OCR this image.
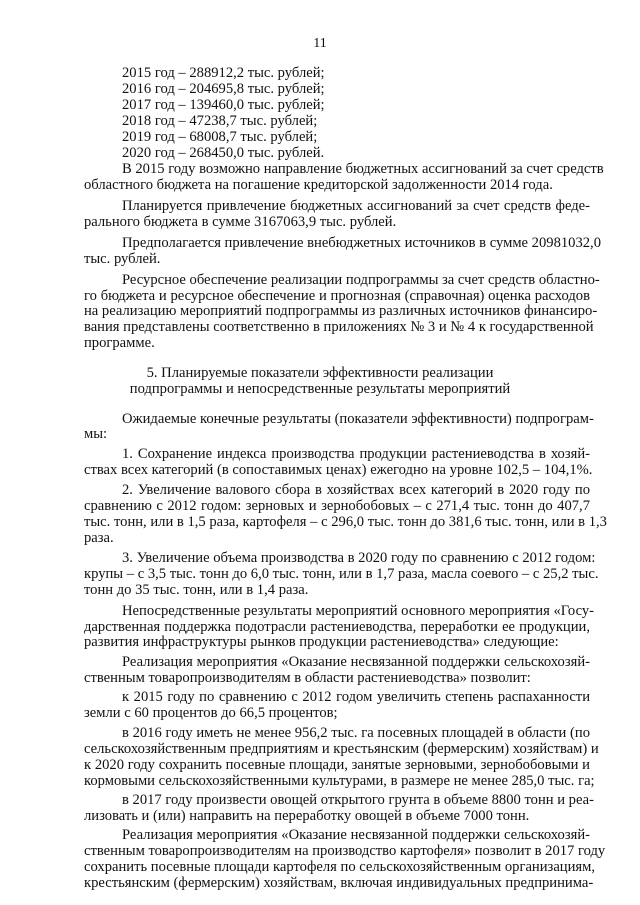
11
2015 год – 288912,2 тыс. рублей;
2016 год – 204695,8 тыс. рублей;
2017 год – 139460,0 тыс. рублей;
2018 год – 47238,7 тыс. рублей;
2019 год – 68008,7 тыс. рублей;
2020 год – 268450,0 тыс. рублей.
В 2015 году возможно направление бюджетных ассигнований за счет средств
областного бюджета на погашение кредиторской задолженности 2014 года.
Планируется привлечение бюджетных ассигнований за счет средств феде-
рального бюджета в сумме 3167063,9 тыс. рублей.
Предполагается привлечение внебюджетных источников в сумме 20981032,0
тыс. рублей.
Ресурсное обеспечение реализации подпрограммы за счет средств областно-
го бюджета и ресурсное обеспечение и прогнозная (справочная) оценка расходов
на реализацию мероприятий подпрограммы из различных источников финансиро-
вания представлены соответственно в приложениях № 3 и № 4 к государственной
программе.
5. Планируемые показатели эффективности реализации
подпрограммы и непосредственные результаты мероприятий
Ожидаемые конечные результаты (показатели эффективности) подпрограм-
мы:
1. Сохранение индекса производства продукции растениеводства в хозяй-
ствах всех категорий (в сопоставимых ценах) ежегодно на уровне 102,5 – 104,1%.
2. Увеличение валового сбора в хозяйствах всех категорий в 2020 году по
сравнению с 2012 годом: зерновых и зернобобовых – с 271,4 тыс. тонн до 407,7
тыс. тонн, или в 1,5 раза, картофеля – с 296,0 тыс. тонн до 381,6 тыс. тонн, или в 1,3
раза.
3. Увеличение объема производства в 2020 году по сравнению с 2012 годом:
крупы – с 3,5 тыс. тонн до 6,0 тыс. тонн, или в 1,7 раза, масла соевого – с 25,2 тыс.
тонн до 35 тыс. тонн, или в 1,4 раза.
Непосредственные результаты мероприятий основного мероприятия «Госу-
дарственная поддержка подотрасли растениеводства, переработки ее продукции,
развития инфраструктуры рынков продукции растениеводства» следующие:
Реализация мероприятия «Оказание несвязанной поддержки сельскохозяй-
ственным товаропроизводителям в области растениеводства» позволит:
к 2015 году по сравнению с 2012 годом увеличить степень распаханности
земли с 60 процентов до 66,5 процентов;
в 2016 году иметь не менее 956,2 тыс. га посевных площадей в области (по
сельскохозяйственным предприятиям и крестьянским (фермерским) хозяйствам) и
к 2020 году сохранить посевные площади, занятые зерновыми, зернобобовыми и
кормовыми сельскохозяйственными культурами, в размере не менее 285,0 тыс. га;
в 2017 году произвести овощей открытого грунта в объеме 8800 тонн и реа-
лизовать и (или) направить на переработку овощей в объеме 7000 тонн.
Реализация мероприятия «Оказание несвязанной поддержки сельскохозяй-
ственным товаропроизводителям на производство картофеля» позволит в 2017 году
сохранить посевные площади картофеля по сельскохозяйственным организациям,
крестьянским (фермерским) хозяйствам, включая индивидуальных предпринима-
